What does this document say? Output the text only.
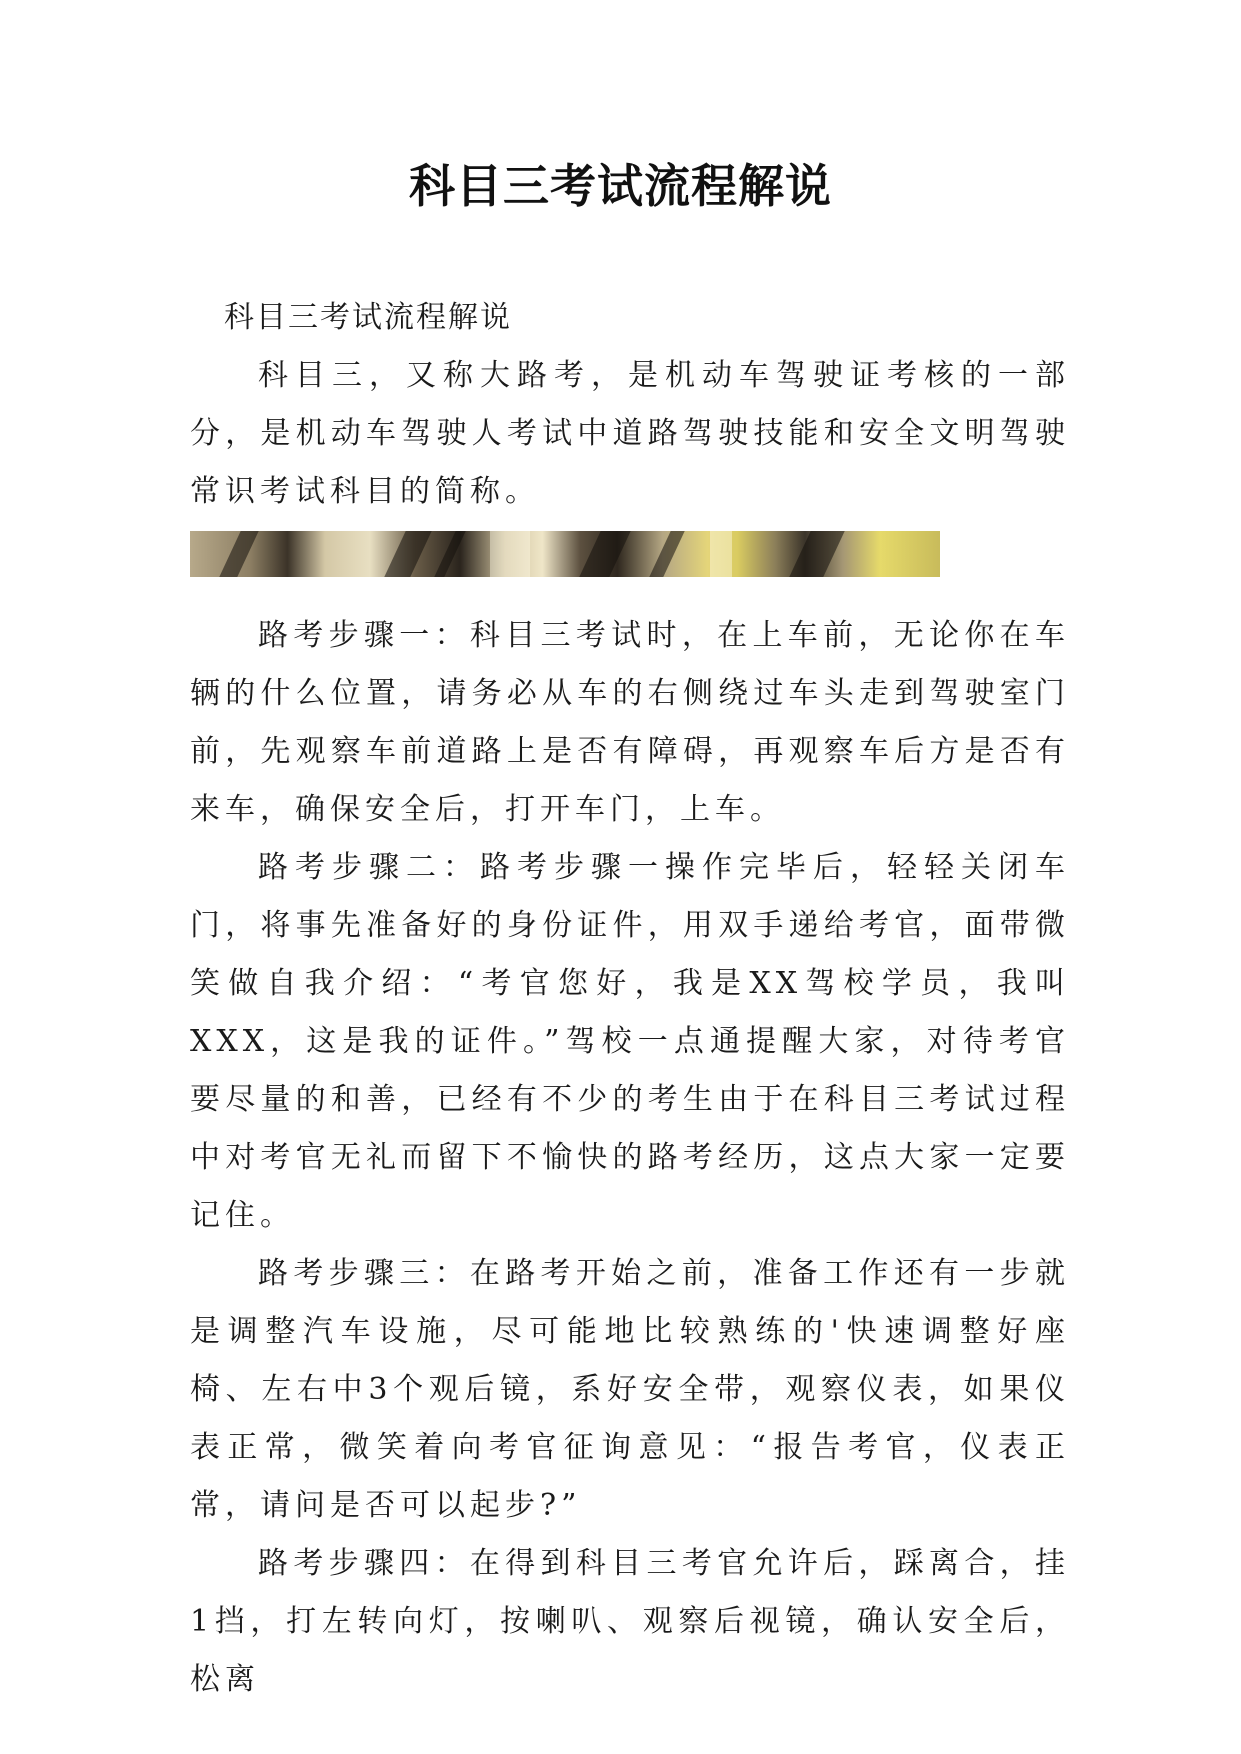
科目三考试流程解说

科目三考试流程解说

科目三，又称大路考，是机动车驾驶证考核的一部分，是机动车驾驶人考试中道路驾驶技能和安全文明驾驶常识考试科目的简称。

路考步骤一：科目三考试时，在上车前，无论你在车辆的什么位置，请务必从车的右侧绕过车头走到驾驶室门前，先观察车前道路上是否有障碍，再观察车后方是否有来车，确保安全后，打开车门，上车。

路考步骤二：路考步骤一操作完毕后，轻轻关闭车门，将事先准备好的身份证件，用双手递给考官，面带微笑做自我介绍：“考官您好，我是XX驾校学员，我叫XXX，这是我的证件。”驾校一点通提醒大家，对待考官要尽量的和善，已经有不少的考生由于在科目三考试过程中对考官无礼而留下不愉快的路考经历，这点大家一定要记住。

路考步骤三：在路考开始之前，准备工作还有一步就是调整汽车设施，尽可能地比较熟练的'快速调整好座椅、左右中3个观后镜，系好安全带，观察仪表，如果仪表正常，微笑着向考官征询意见：“报告考官，仪表正常，请问是否可以起步?”

路考步骤四：在得到科目三考官允许后，踩离合，挂1挡，打左转向灯，按喇叭、观察后视镜，确认安全后，松离
